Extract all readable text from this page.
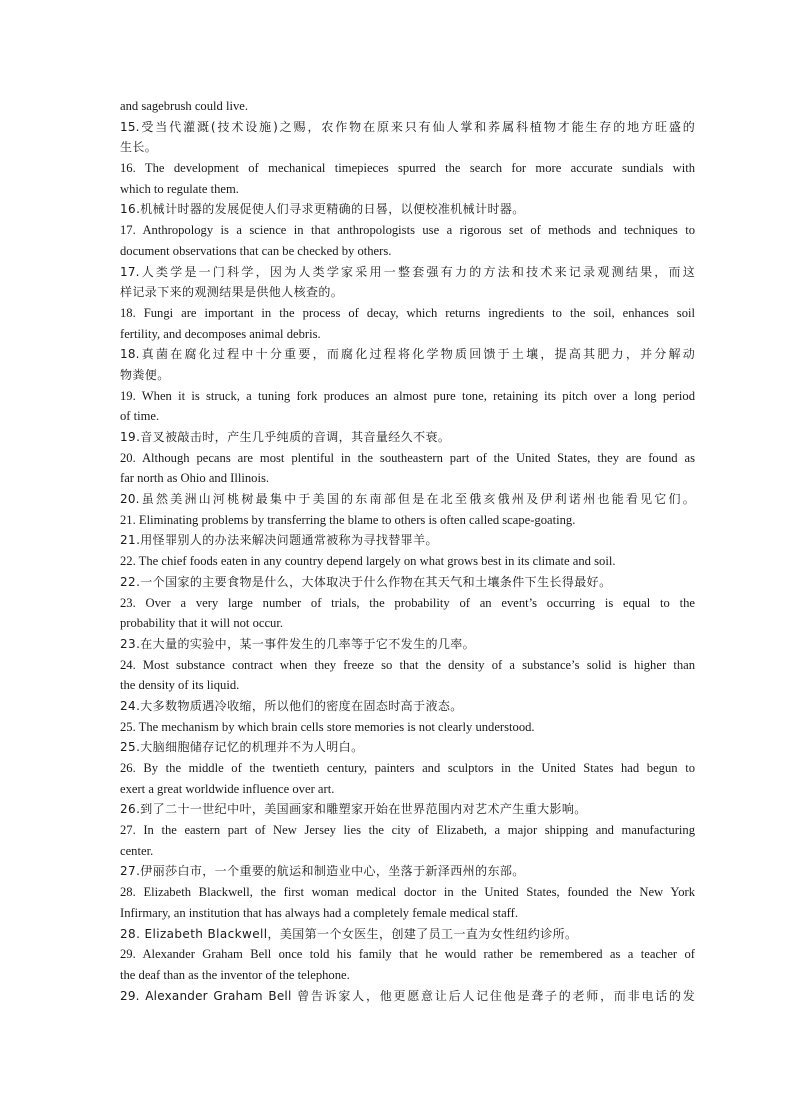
and sagebrush could live.
15.受当代灌溉(技术设施)之赐，农作物在原来只有仙人掌和荞属科植物才能生存的地方旺盛的
生长。
16. The development of mechanical timepieces spurred the search for more accurate sundials with
which to regulate them.
16.机械计时器的发展促使人们寻求更精确的日晷，以便校准机械计时器。
17. Anthropology is a science in that anthropologists use a rigorous set of methods and techniques to
document observations that can be checked by others.
17.人类学是一门科学，因为人类学家采用一整套强有力的方法和技术来记录观测结果，而这
样记录下来的观测结果是供他人核查的。
18. Fungi are important in the process of decay, which returns ingredients to the soil, enhances soil
fertility, and decomposes animal debris.
18.真菌在腐化过程中十分重要，而腐化过程将化学物质回馈于土壤，提高其肥力，并分解动
物粪便。
19. When it is struck, a tuning fork produces an almost pure tone, retaining its pitch over a long period
of time.
19.音叉被敲击时，产生几乎纯质的音调，其音量经久不衰。
20. Although pecans are most plentiful in the southeastern part of the United States, they are found as
far north as Ohio and Illinois.
20.虽然美洲山河桃树最集中于美国的东南部但是在北至俄亥俄州及伊利诺州也能看见它们。
21. Eliminating problems by transferring the blame to others is often called scape-goating.
21.用怪罪别人的办法来解决问题通常被称为寻找替罪羊。
22. The chief foods eaten in any country depend largely on what grows best in its climate and soil.
22.一个国家的主要食物是什么，大体取决于什么作物在其天气和土壤条件下生长得最好。
23. Over a very large number of trials, the probability of an event’s occurring is equal to the
probability that it will not occur.
23.在大量的实验中，某一事件发生的几率等于它不发生的几率。
24. Most substance contract when they freeze so that the density of a substance’s solid is higher than
the density of its liquid.
24.大多数物质遇冷收缩，所以他们的密度在固态时高于液态。
25. The mechanism by which brain cells store memories is not clearly understood.
25.大脑细胞储存记忆的机理并不为人明白。
26. By the middle of the twentieth century, painters and sculptors in the United States had begun to
exert a great worldwide influence over art.
26.到了二十一世纪中叶，美国画家和雕塑家开始在世界范围内对艺术产生重大影响。
27. In the eastern part of New Jersey lies the city of Elizabeth, a major shipping and manufacturing
center.
27.伊丽莎白市，一个重要的航运和制造业中心，坐落于新泽西州的东部。
28. Elizabeth Blackwell, the first woman medical doctor in the United States, founded the New York
Infirmary, an institution that has always had a completely female medical staff.
28. Elizabeth Blackwell，美国第一个女医生，创建了员工一直为女性纽约诊所。
29. Alexander Graham Bell once told his family that he would rather be remembered as a teacher of
the deaf than as the inventor of the telephone.
29. Alexander Graham Bell 曾告诉家人，他更愿意让后人记住他是聋子的老师，而非电话的发
